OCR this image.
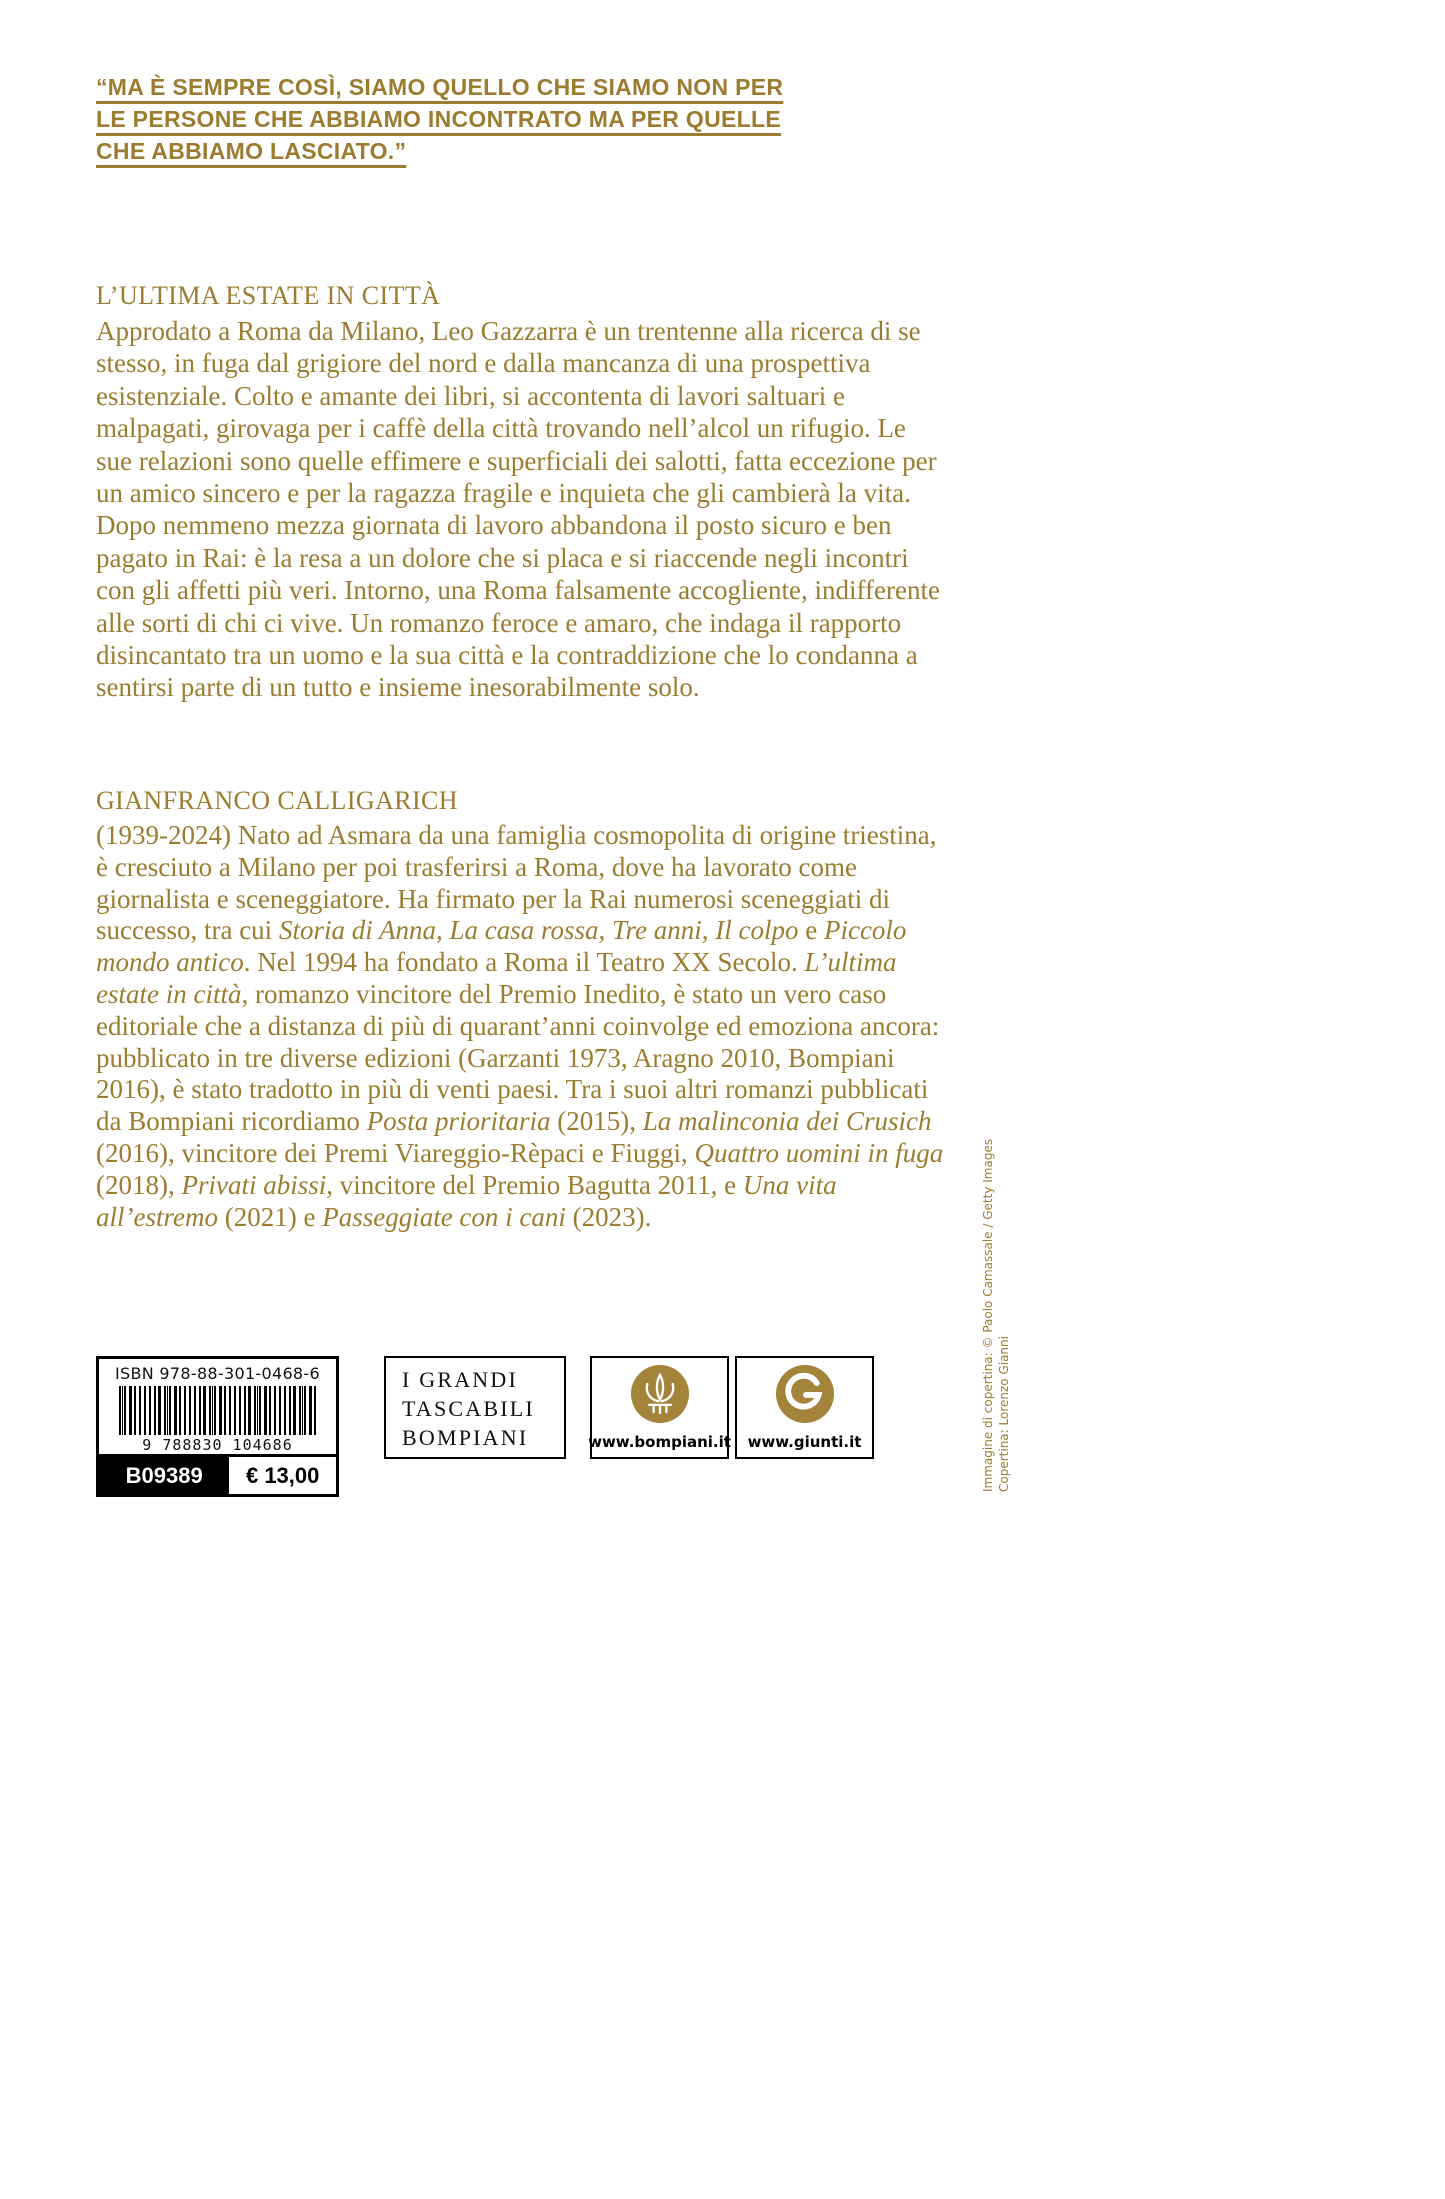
“MA È SEMPRE COSÌ, SIAMO QUELLO CHE SIAMO NON PER
LE PERSONE CHE ABBIAMO INCONTRATO MA PER QUELLE
CHE ABBIAMO LASCIATO.”
L’ULTIMA ESTATE IN CITTÀ
Approdato a Roma da Milano, Leo Gazzarra è un trentenne alla ricerca di se stesso, in fuga dal grigiore del nord e dalla mancanza di una prospettiva esistenziale. Colto e amante dei libri, si accontenta di lavori saltuari e malpagati, girovaga per i caffè della città trovando nell’alcol un rifugio. Le sue relazioni sono quelle effimere e superficiali dei salotti, fatta eccezione per un amico sincero e per la ragazza fragile e inquieta che gli cambierà la vita. Dopo nemmeno mezza giornata di lavoro abbandona il posto sicuro e ben pagato in Rai: è la resa a un dolore che si placa e si riaccende negli incontri con gli affetti più veri. Intorno, una Roma falsamente accogliente, indifferente alle sorti di chi ci vive. Un romanzo feroce e amaro, che indaga il rapporto disincantato tra un uomo e la sua città e la contraddizione che lo condanna a sentirsi parte di un tutto e insieme inesorabilmente solo.
GIANFRANCO CALLIGARICH
(1939-2024) Nato ad Asmara da una famiglia cosmopolita di origine triestina, è cresciuto a Milano per poi trasferirsi a Roma, dove ha lavorato come giornalista e sceneggiatore. Ha firmato per la Rai numerosi sceneggiati di successo, tra cui Storia di Anna, La casa rossa, Tre anni, Il colpo e Piccolo mondo antico. Nel 1994 ha fondato a Roma il Teatro XX Secolo. L’ultima estate in città, romanzo vincitore del Premio Inedito, è stato un vero caso editoriale che a distanza di più di quarant’anni coinvolge ed emoziona ancora: pubblicato in tre diverse edizioni (Garzanti 1973, Aragno 2010, Bompiani 2016), è stato tradotto in più di venti paesi. Tra i suoi altri romanzi pubblicati da Bompiani ricordiamo Posta prioritaria (2015), La malinconia dei Crusich (2016), vincitore dei Premi Viareggio-Rèpaci e Fiuggi, Quattro uomini in fuga (2018), Privati abissi, vincitore del Premio Bagutta 2011, e Una vita all’estremo (2021) e Passeggiate con i cani (2023).
ISBN 978-88-301-0468-6
9 788830 104686
B09389	€ 13,00
I GRANDI
TASCABILI
BOMPIANI	www.bompiani.it www.giunti.it	Immagine di copertina: © Paolo Camassale / Getty Images Copertina: Lorenzo Gianni
